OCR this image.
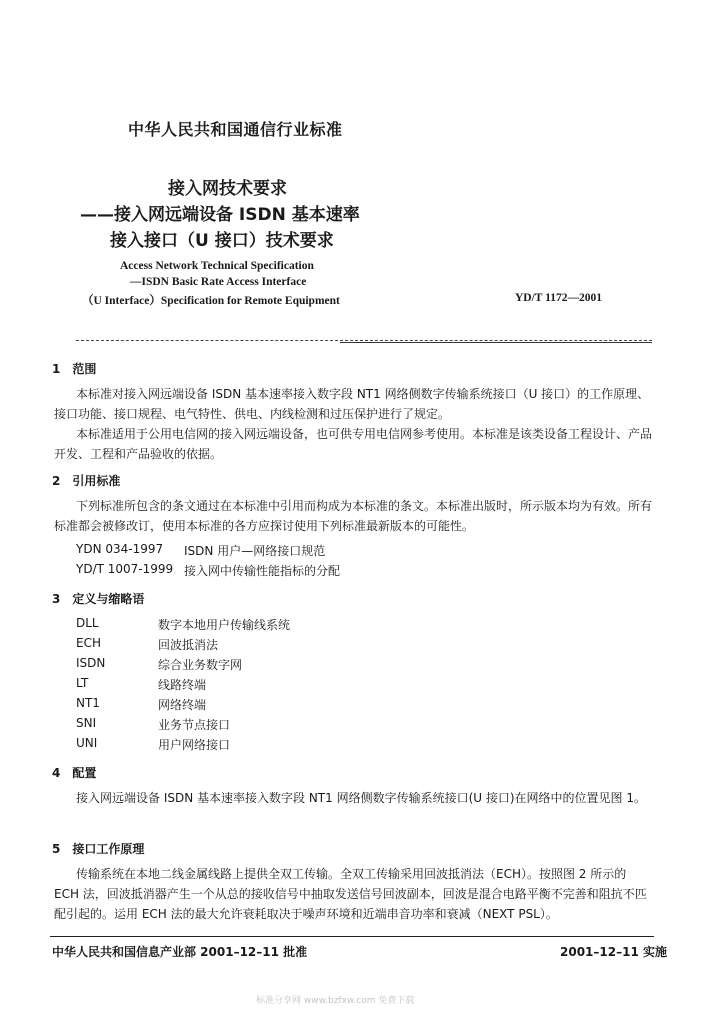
中华人民共和国通信行业标准
接入网技术要求
——接入网远端设备 ISDN 基本速率
接入接口（U 接口）技术要求
Access Network Technical Specification
—ISDN Basic Rate Access Interface
（U Interface）Specification for Remote Equipment	YD/T 1172—2001
1　范围
本标准对接入网远端设备 ISDN 基本速率接入数字段 NT1 网络侧数字传输系统接口（U 接口）的工作原理、接口功能、接口规程、电气特性、供电、内线检测和过压保护进行了规定。
本标准适用于公用电信网的接入网远端设备，也可供专用电信网参考使用。本标准是该类设备工程设计、产品开发、工程和产品验收的依据。
2　引用标准
下列标准所包含的条文通过在本标准中引用而构成为本标准的条文。本标准出版时，所示版本均为有效。所有标准都会被修改订，使用本标准的各方应探讨使用下列标准最新版本的可能性。
YDN 034-1997 ISDN 用户—网络接口规范
YD/T 1007-1999 接入网中传输性能指标的分配
3　定义与缩略语
DLL	数字本地用户传输线系统
ECH	回波抵消法
ISDN	综合业务数字网
LT	线路终端
NT1	网络终端
SNI	业务节点接口
UNI	用户网络接口
4　配置
接入网远端设备 ISDN 基本速率接入数字段 NT1 网络侧数字传输系统接口(U 接口)在网络中的位置见图 1。
5　接口工作原理
传输系统在本地二线金属线路上提供全双工传输。全双工传输采用回波抵消法（ECH）。按照图 2 所示的 ECH 法，回波抵消器产生一个从总的接收信号中抽取发送信号回波副本，回波是混合电路平衡不完善和阻抗不匹配引起的。运用 ECH 法的最大允许衰耗取决于噪声环境和近端串音功率和衰减（NEXT PSL）。
中华人民共和国信息产业部 2001–12–11 批准	2001–12–11 实施
标准分享网 www.bzfxw.com 免费下载
